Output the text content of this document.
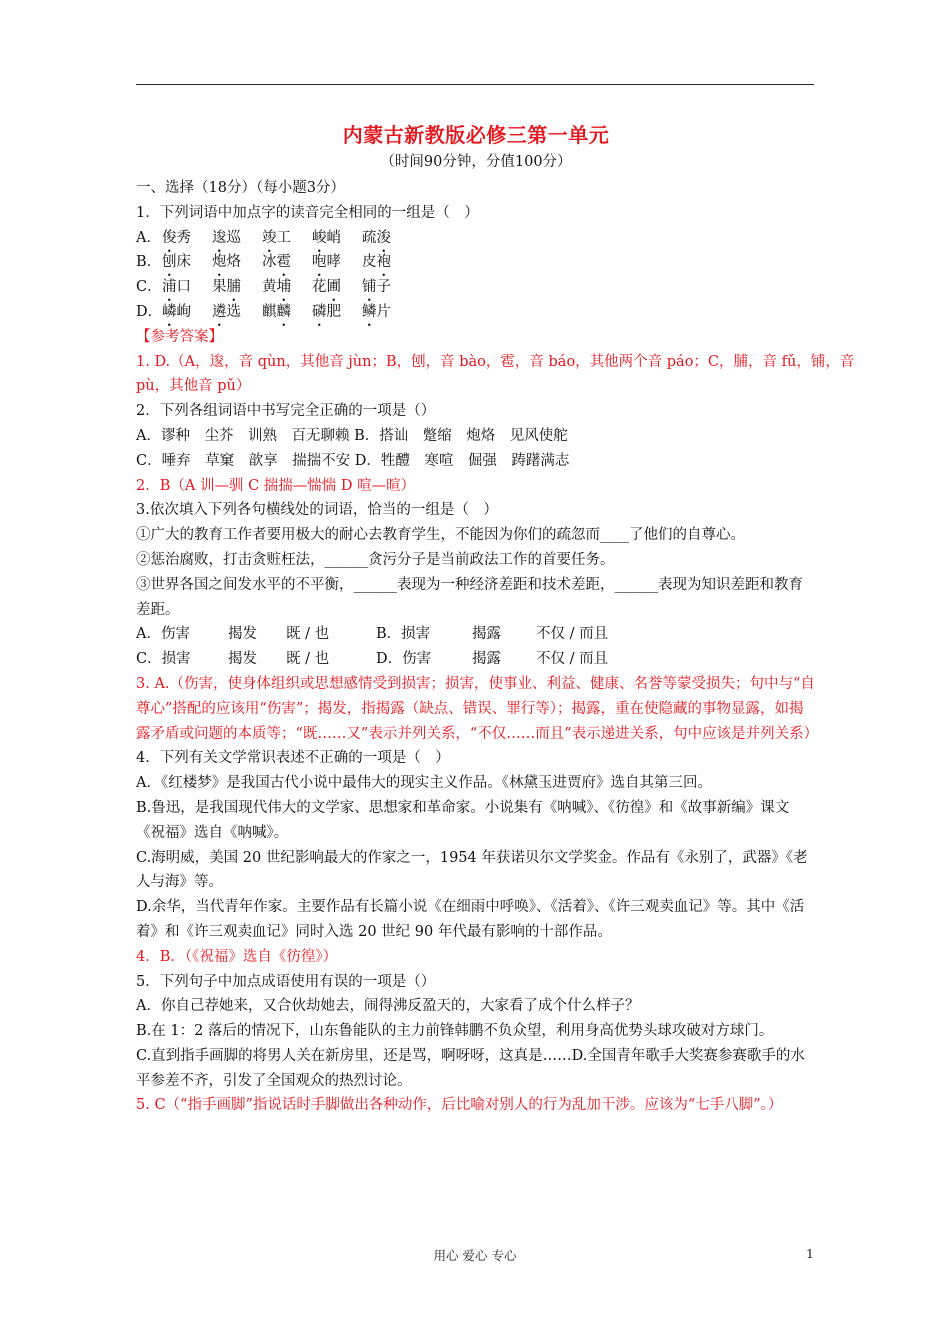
内蒙古新教版必修三第一单元
（时间90分钟，分值100分）
一、选择（18分）（每小题3分）
1．下列词语中加点字的读音完全相同的一组是（　）
A． 俊秀	逡巡	竣工	峻峭	疏浚
B． 刨床	炮烙	冰雹	咆哮	皮袍
C． 浦口	果脯	黄埔	花圃	铺子
D． 嶙峋	遴选	麒麟	磷肥	鳞片
【参考答案】
1. D.（A，逡，音 qùn，其他音 jùn；B，刨，音 bào，雹，音 báo，其他两个音 páo；C，脯，音 fǔ，铺，音
pù，其他音 pǔ）
2．下列各组词语中书写完全正确的一项是（）
A．谬种　尘芥　训熟　百无聊赖 B．搭讪　蹩缩　炮烙　见风使舵
C．唾弃　草窠　歆享　揣揣不安 D．牲醴　寒喧　倔强　踌躇满志
2．B（A 训—驯 C 揣揣—惴惴 D 喧—暄）
3.依次填入下列各句横线处的词语，恰当的一组是（　）
①广大的教育工作者要用极大的耐心去教育学生，不能因为你们的疏忽而____了他们的自尊心。
②惩治腐败，打击贪赃枉法，______贪污分子是当前政法工作的首要任务。
③世界各国之间发水平的不平衡，______表现为一种经济差距和技术差距，______表现为知识差距和教育差距。
A．伤害	揭发	既 / 也	B．损害	揭露	不仅 / 而且
C．损害	揭发	既 / 也	D．伤害	揭露	不仅 / 而且
3. A.（伤害，使身体组织或思想感情受到损害；损害，使事业、利益、健康、名誉等蒙受损失；句中与“自尊心”搭配的应该用“伤害”；揭发，指揭露（缺点、错误、罪行等）；揭露，重在使隐藏的事物显露，如揭露矛盾或问题的本质等；“既……又”表示并列关系，“不仅……而且”表示递进关系，句中应该是并列关系）
4．下列有关文学常识表述不正确的一项是（　）
A．《红楼梦》是我国古代小说中最伟大的现实主义作品。《林黛玉进贾府》选自其第三回。
B.鲁迅，是我国现代伟大的文学家、思想家和革命家。小说集有《呐喊》、《彷徨》和《故事新编》课文《祝福》选自《呐喊》。
C.海明威，美国 20 世纪影响最大的作家之一，1954 年获诺贝尔文学奖金。作品有《永别了，武器》《老人与海》等。
D.余华，当代青年作家。主要作品有长篇小说《在细雨中呼唤》、《活着》、《许三观卖血记》等。其中《活着》和《许三观卖血记》同时入选 20 世纪 90 年代最有影响的十部作品。
4．B．（《祝福》选自《彷徨》）
5．下列句子中加点成语使用有误的一项是（）
A．你自己荐她来，又合伙劫她去，闹得沸反盈天的，大家看了成个什么样子？
B.在 1：2 落后的情况下，山东鲁能队的主力前锋韩鹏不负众望，利用身高优势头球攻破对方球门。
C.直到指手画脚的将男人关在新房里，还是骂，啊呀呀，这真是……D.全国青年歌手大奖赛参赛歌手的水平参差不齐，引发了全国观众的热烈讨论。
5. C（“指手画脚”指说话时手脚做出各种动作，后比喻对别人的行为乱加干涉。应该为“七手八脚”。）
用心 爱心 专心	1
